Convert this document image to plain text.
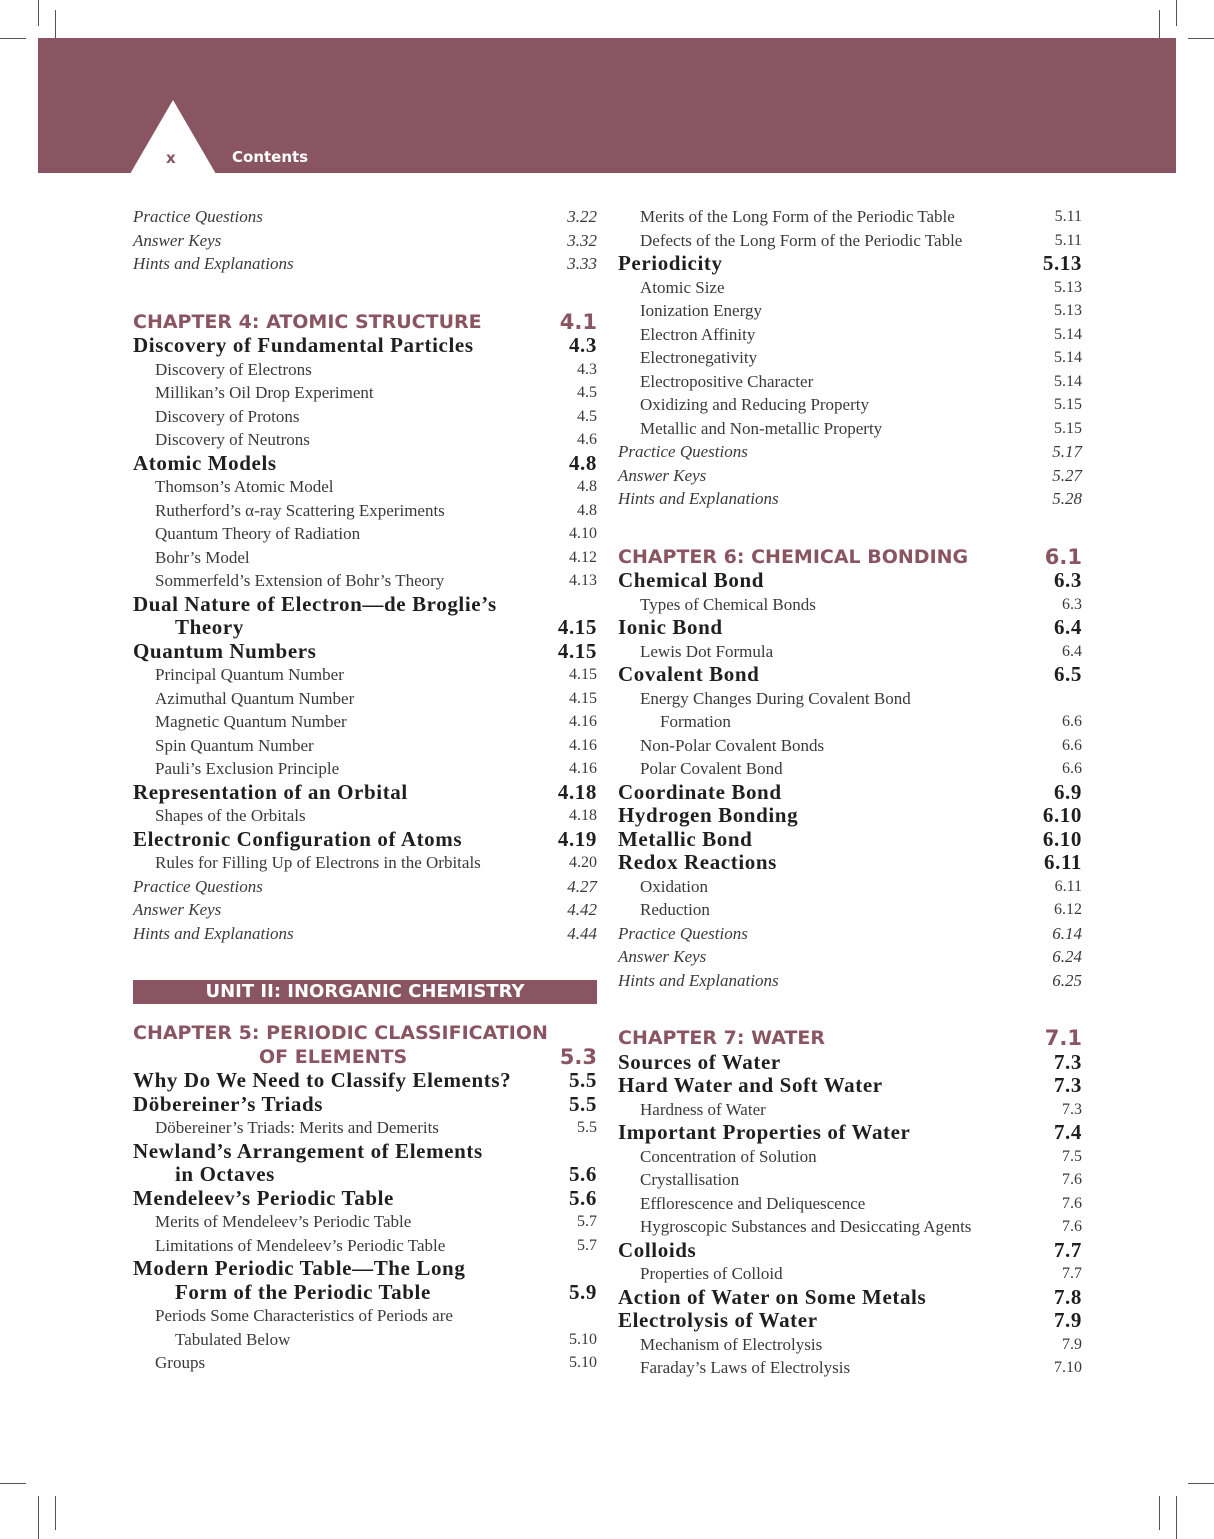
x	Contents
Practice Questions	3.22
Answer Keys	3.32
Hints and Explanations	3.33
CHAPTER 4: ATOMIC STRUCTURE	4.1
Discovery of Fundamental Particles	4.3
Discovery of Electrons	4.3
Millikan’s Oil Drop Experiment	4.5
Discovery of Protons	4.5
Discovery of Neutrons	4.6
Atomic Models	4.8
Thomson’s Atomic Model	4.8
Rutherford’s α-ray Scattering Experiments	4.8
Quantum Theory of Radiation	4.10
Bohr’s Model	4.12
Sommerfeld’s Extension of Bohr’s Theory	4.13
Dual Nature of Electron—de Broglie’s
Theory	4.15
Quantum Numbers	4.15
Principal Quantum Number	4.15
Azimuthal Quantum Number	4.15
Magnetic Quantum Number	4.16
Spin Quantum Number	4.16
Pauli’s Exclusion Principle	4.16
Representation of an Orbital	4.18
Shapes of the Orbitals	4.18
Electronic Configuration of Atoms	4.19
Rules for Filling Up of Electrons in the Orbitals	4.20
Practice Questions	4.27
Answer Keys	4.42
Hints and Explanations	4.44
UNIT II: INORGANIC CHEMISTRY
CHAPTER 5: PERIODIC CLASSIFICATION
OF ELEMENTS	5.3
Why Do We Need to Classify Elements?	5.5
Döbereiner’s Triads	5.5
Döbereiner’s Triads: Merits and Demerits	5.5
Newland’s Arrangement of Elements
in Octaves	5.6
Mendeleev’s Periodic Table	5.6
Merits of Mendeleev’s Periodic Table	5.7
Limitations of Mendeleev’s Periodic Table	5.7
Modern Periodic Table—The Long
Form of the Periodic Table	5.9
Periods Some Characteristics of Periods are
Tabulated Below	5.10
Groups	5.10
Merits of the Long Form of the Periodic Table	5.11
Defects of the Long Form of the Periodic Table	5.11
Periodicity	5.13
Atomic Size	5.13
Ionization Energy	5.13
Electron Affinity	5.14
Electronegativity	5.14
Electropositive Character	5.14
Oxidizing and Reducing Property	5.15
Metallic and Non-metallic Property	5.15
Practice Questions	5.17
Answer Keys	5.27
Hints and Explanations	5.28
CHAPTER 6: CHEMICAL BONDING	6.1
Chemical Bond	6.3
Types of Chemical Bonds	6.3
Ionic Bond	6.4
Lewis Dot Formula	6.4
Covalent Bond	6.5
Energy Changes During Covalent Bond
Formation	6.6
Non-Polar Covalent Bonds	6.6
Polar Covalent Bond	6.6
Coordinate Bond	6.9
Hydrogen Bonding	6.10
Metallic Bond	6.10
Redox Reactions	6.11
Oxidation	6.11
Reduction	6.12
Practice Questions	6.14
Answer Keys	6.24
Hints and Explanations	6.25
CHAPTER 7: WATER	7.1
Sources of Water	7.3
Hard Water and Soft Water	7.3
Hardness of Water	7.3
Important Properties of Water	7.4
Concentration of Solution	7.5
Crystallisation	7.6
Efflorescence and Deliquescence	7.6
Hygroscopic Substances and Desiccating Agents	7.6
Colloids	7.7
Properties of Colloid	7.7
Action of Water on Some Metals	7.8
Electrolysis of Water	7.9
Mechanism of Electrolysis	7.9
Faraday’s Laws of Electrolysis	7.10
